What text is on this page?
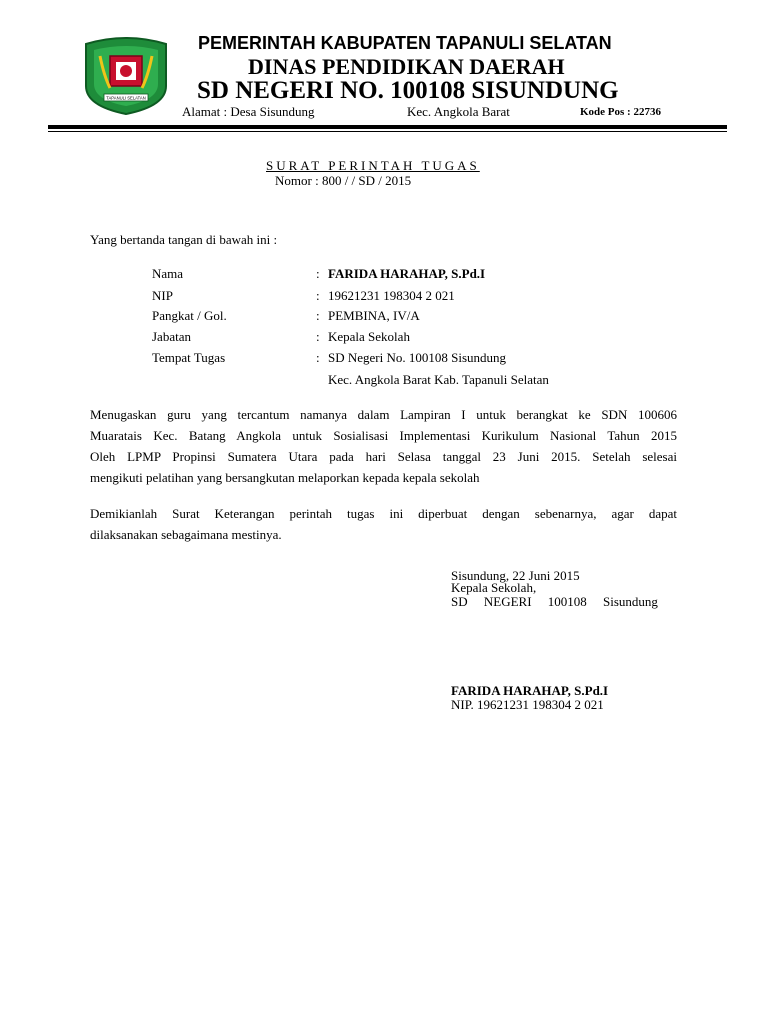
TAPANULI SELATAN
PEMERINTAH KABUPATEN TAPANULI SELATAN
DINAS PENDIDIKAN DAERAH
SD NEGERI NO. 100108 SISUNDUNG
Alamat : Desa Sisundung	Kec. Angkola Barat	Kode Pos : 22736
SURAT PERINTAH TUGAS
Nomor : 800 / / SD / 2015
Yang bertanda tangan di bawah ini :
Nama	: FARIDA HARAHAP, S.Pd.I
NIP	: 19621231 198304 2 021
Pangkat / Gol.	: PEMBINA, IV/A
Jabatan	: Kepala Sekolah
Tempat Tugas	: SD Negeri No. 100108 Sisundung
Kec. Angkola Barat Kab. Tapanuli Selatan
Menugaskan guru yang tercantum namanya dalam Lampiran I untuk berangkat ke SDN 100606
Muaratais Kec. Batang Angkola untuk Sosialisasi Implementasi Kurikulum Nasional Tahun 2015
Oleh LPMP Propinsi Sumatera Utara pada hari Selasa tanggal 23 Juni 2015. Setelah selesai
mengikuti pelatihan yang bersangkutan melaporkan kepada kepala sekolah
Demikianlah Surat Keterangan perintah tugas ini diperbuat dengan sebenarnya, agar dapat
dilaksanakan sebagaimana mestinya.
Sisundung, 22 Juni 2015
Kepala Sekolah,
SD     NEGERI     100108     Sisundung
FARIDA HARAHAP, S.Pd.I
NIP. 19621231 198304 2 021
